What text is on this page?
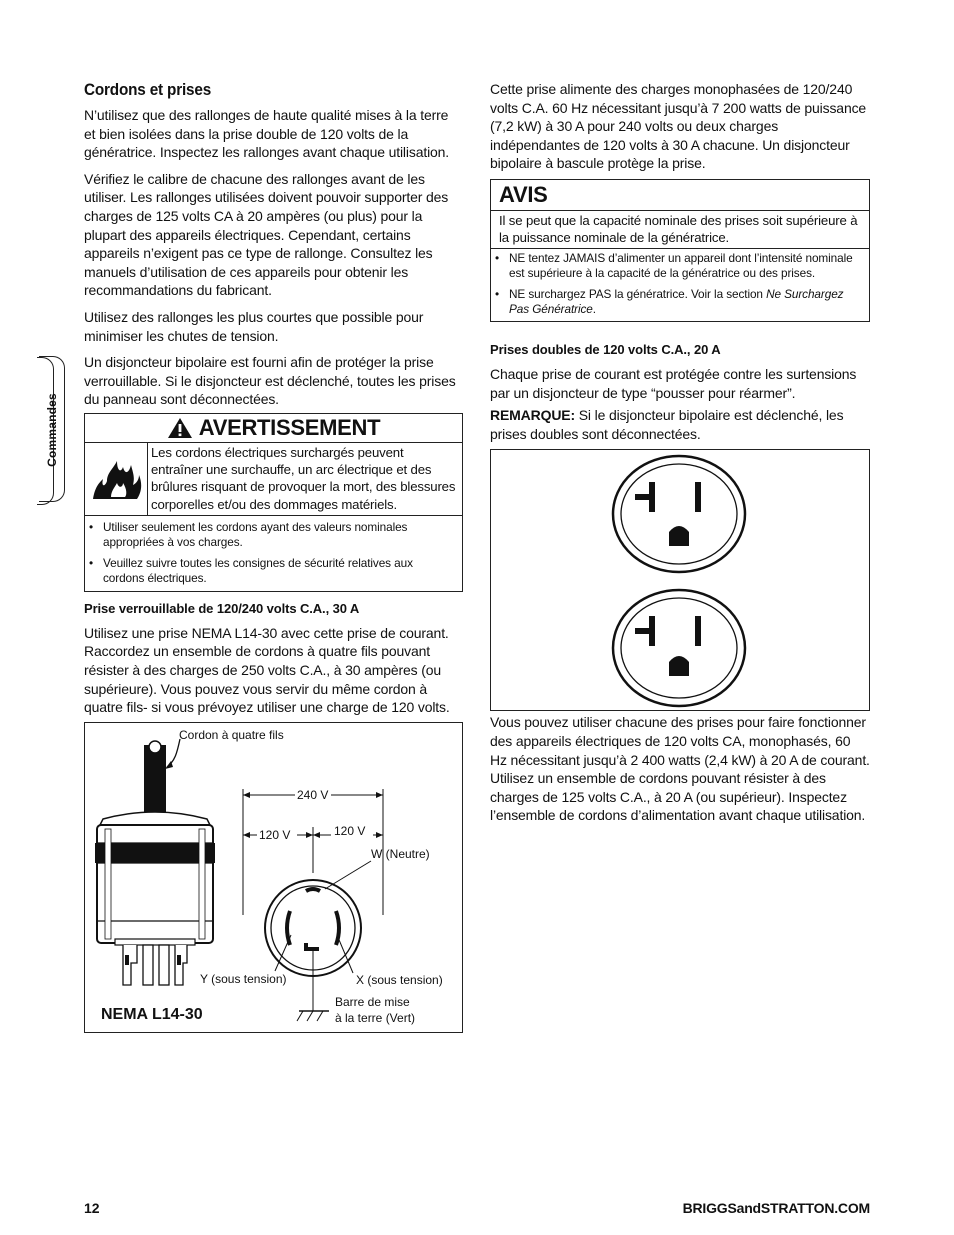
Commandes
Cordons et prises

N’utilisez que des rallonges de haute qualité mises à la terre et bien isolées dans la prise double de 120 volts de la génératrice. Inspectez les rallonges avant chaque utilisation.

Vérifiez le calibre de chacune des rallonges avant de les utiliser. Les rallonges utilisées doivent pouvoir supporter des charges de 125 volts CA à 20 ampères (ou plus) pour la plupart des appareils électriques. Cependant, certains appareils n’exigent pas ce type de rallonge. Consultez les manuels d’utilisation de ces appareils pour obtenir les recommandations du fabricant.

Utilisez des rallonges les plus courtes que possible pour minimiser les chutes de tension.

Un disjoncteur bipolaire est fourni afin de protéger la prise verrouillable. Si le disjoncteur est déclenché, toutes les prises du panneau sont déconnectées.

AVERTISSEMENT
Les cordons électriques surchargés peuvent entraîner une surchauffe, un arc électrique et des brûlures risquant de provoquer la mort, des blessures corporelles et/ou des dommages matériels.
• Utiliser seulement les cordons ayant des valeurs nominales appropriées à vos charges.
• Veuillez suivre toutes les consignes de sécurité relatives aux cordons électriques.
Prise verrouillable de 120/240 volts C.A., 30 A

Utilisez une prise NEMA L14-30 avec cette prise de courant. Raccordez un ensemble de cordons à quatre fils pouvant résister à des charges de 250 volts C.A., à 30 ampères (ou supérieure). Vous pouvez vous servir du même cordon à quatre fils- si vous prévoyez utiliser une charge de 120 volts.

Cordon à quatre fils
240 V
120 V	120 V
W (Neutre)
Y (sous tension)	X (sous tension)
Barre de mise
à la terre (Vert)
NEMA L14-30

Cette prise alimente des charges monophasées de 120/240 volts C.A. 60 Hz nécessitant jusqu’à 7 200 watts de puissance (7,2 kW) à 30 A pour 240 volts ou deux charges indépendantes de 120 volts à 30 A chacune. Un disjoncteur bipolaire à bascule protège la prise.

AVIS
Il se peut que la capacité nominale des prises soit supérieure à la puissance nominale de la génératrice.
• NE tentez JAMAIS d’alimenter un appareil dont l’intensité nominale est supérieure à la capacité de la génératrice ou des prises.
• NE surchargez PAS la génératrice. Voir la section Ne Surchargez Pas Génératrice.
Prises doubles de 120 volts C.A., 20 A

Chaque prise de courant est protégée contre les surtensions par un disjoncteur de type “pousser pour réarmer”.

REMARQUE: Si le disjoncteur bipolaire est déclenché, les prises doubles sont déconnectées.

Vous pouvez utiliser chacune des prises pour faire fonctionner des appareils électriques de 120 volts CA, monophasés, 60 Hz nécessitant jusqu’à 2 400 watts (2,4 kW) à 20 A de courant. Utilisez un ensemble de cordons pouvant résister à des charges de 125 volts C.A., à 20 A (ou supérieur). Inspectez l’ensemble de cordons d’alimentation avant chaque utilisation.

12	BRIGGSandSTRATTON.COM
